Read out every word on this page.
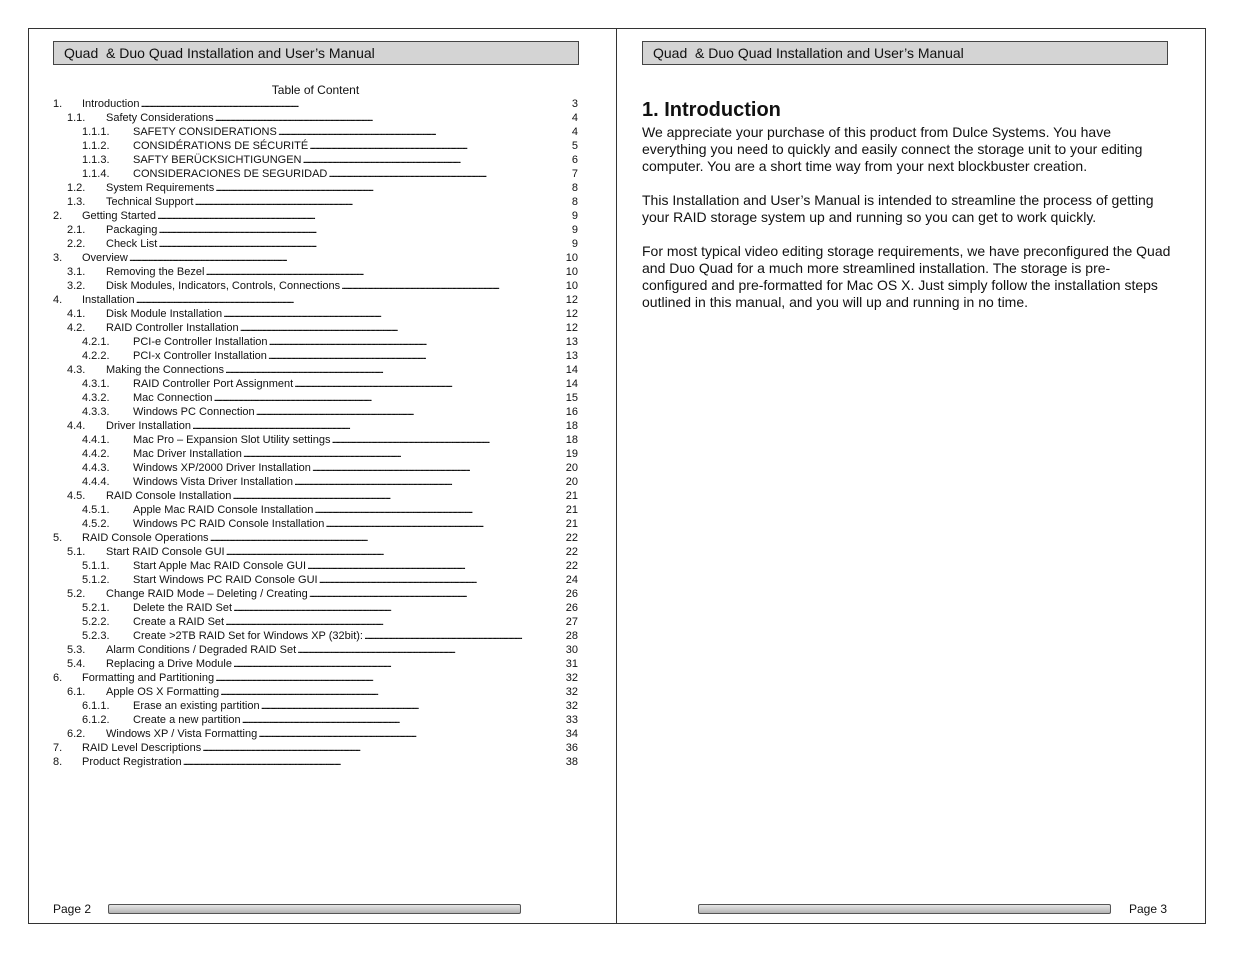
Quad  & Duo Quad Installation and User’s Manual
Table of Content
1. Introduction . . .	3
1.1. Safety Considerations . . .	4
1.1.1. SAFETY CONSIDERATIONS . . .	4
1.1.2. CONSIDÉRATIONS DE SÉCURITÉ . . .	5
1.1.3. SAFTY BERÜCKSICHTIGUNGEN . . .	6
1.1.4. CONSIDERACIONES DE SEGURIDAD . . .	7
1.2. System Requirements . . .	8
1.3. Technical Support . . .	8
2. Getting Started . . .	9
2.1. Packaging . . .	9
2.2. Check List . . .	9
3. Overview . . .	10
3.1. Removing the Bezel . . .	10
3.2. Disk Modules, Indicators, Controls, Connections . . .	10
4. Installation . . .	12
4.1. Disk Module Installation . . .	12
4.2. RAID Controller Installation . . .	12
4.2.1. PCI-e Controller Installation . . .	13
4.2.2. PCI-x Controller Installation . . .	13
4.3. Making the Connections . . .	14
4.3.1. RAID Controller Port Assignment . . .	14
4.3.2. Mac Connection . . .	15
4.3.3. Windows PC Connection . . .	16
4.4. Driver Installation . . .	18
4.4.1. Mac Pro – Expansion Slot Utility settings . . .	18
4.4.2. Mac Driver Installation . . .	19
4.4.3. Windows XP/2000 Driver Installation . . .	20
4.4.4. Windows Vista Driver Installation . . .	20
4.5. RAID Console Installation . . .	21
4.5.1. Apple Mac RAID Console Installation . . .	21
4.5.2. Windows PC RAID Console Installation . . .	21
5. RAID Console Operations . . .	22
5.1. Start RAID Console GUI . . .	22
5.1.1. Start Apple Mac RAID Console GUI . . .	22
5.1.2. Start Windows PC RAID Console GUI . . .	24
5.2. Change RAID Mode – Deleting / Creating . . .	26
5.2.1. Delete the RAID Set . . .	26
5.2.2. Create a RAID Set . . .	27
5.2.3. Create >2TB RAID Set for Windows XP (32bit): . . .	28
5.3. Alarm Conditions / Degraded RAID Set . . .	30
5.4. Replacing a Drive Module . . .	31
6. Formatting and Partitioning . . .	32
6.1. Apple OS X Formatting . . .	32
6.1.1. Erase an existing partition . . .	32
6.1.2. Create a new partition . . .	33
6.2. Windows XP / Vista Formatting . . .	34
7. RAID Level Descriptions . . .	36
8. Product Registration . . .	38
Page 2
Quad  & Duo Quad Installation and User’s Manual
1. Introduction

We appreciate your purchase of this product from Dulce Systems. You have everything you need to quickly and easily connect the storage unit to your editing computer. You are a short time way from your next blockbuster creation.

This Installation and User’s Manual is intended to streamline the process of getting your RAID storage system up and running so you can get to work quickly.

For most typical video editing storage requirements, we have preconfigured the Quad and Duo Quad for a much more streamlined installation. The storage is pre-configured and pre-formatted for Mac OS X. Just simply follow the installation steps outlined in this manual, and you will up and running in no time.

Page 3
